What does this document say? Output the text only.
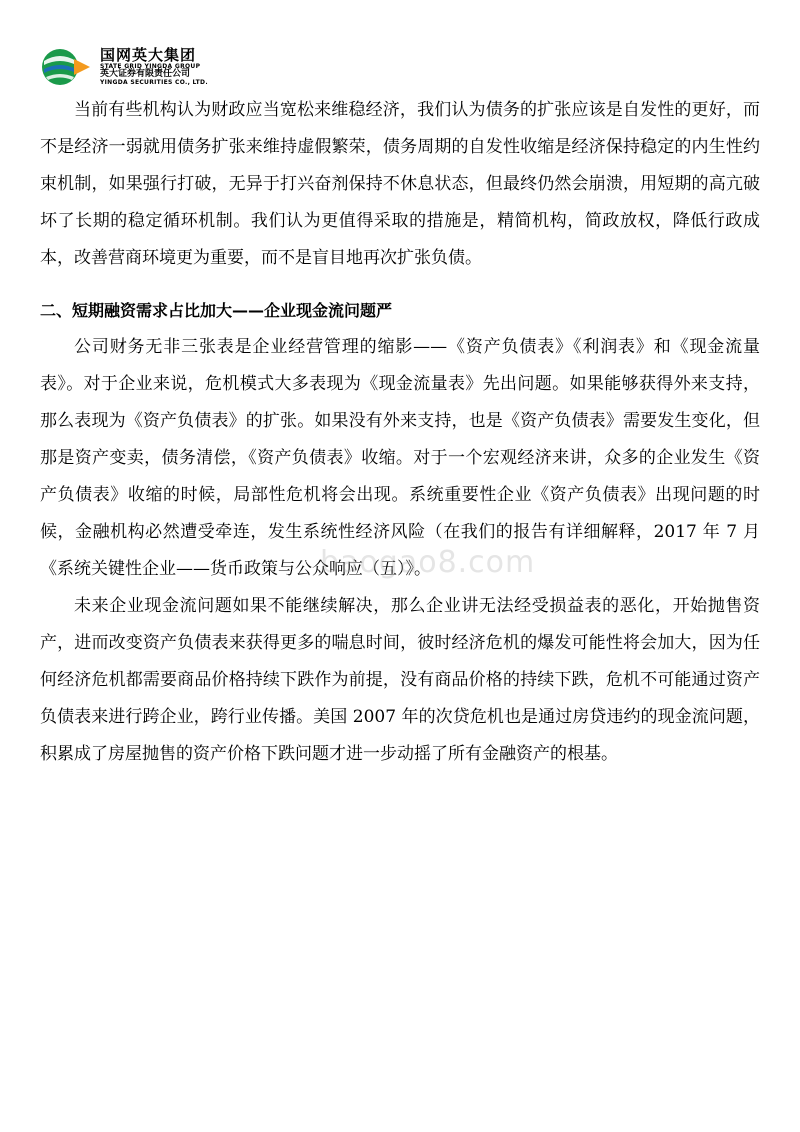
国网英大集团
STATE GRID YINGDA GROUP
英大证券有限责任公司
YINGDA SECURITIES CO., LTD.

当前有些机构认为财政应当宽松来维稳经济，我们认为债务的扩张应该是自发性的更好，而不是经济一弱就用债务扩张来维持虚假繁荣，债务周期的自发性收缩是经济保持稳定的内生性约束机制，如果强行打破，无异于打兴奋剂保持不休息状态，但最终仍然会崩溃，用短期的高亢破坏了长期的稳定循环机制。我们认为更值得采取的措施是，精简机构，简政放权，降低行政成本，改善营商环境更为重要，而不是盲目地再次扩张负债。

二、短期融资需求占比加大——企业现金流问题严

公司财务无非三张表是企业经营管理的缩影——《资产负债表》《利润表》和《现金流量表》。对于企业来说，危机模式大多表现为《现金流量表》先出问题。如果能够获得外来支持，那么表现为《资产负债表》的扩张。如果没有外来支持，也是《资产负债表》需要发生变化，但那是资产变卖，债务清偿，《资产负债表》收缩。对于一个宏观经济来讲，众多的企业发生《资产负债表》收缩的时候，局部性危机将会出现。系统重要性企业《资产负债表》出现问题的时候，金融机构必然遭受牵连，发生系统性经济风险（在我们的报告有详细解释，2017 年 7 月《系统关键性企业——货币政策与公众响应（五）》。

未来企业现金流问题如果不能继续解决，那么企业讲无法经受损益表的恶化，开始抛售资产，进而改变资产负债表来获得更多的喘息时间，彼时经济危机的爆发可能性将会加大，因为任何经济危机都需要商品价格持续下跌作为前提，没有商品价格的持续下跌，危机不可能通过资产负债表来进行跨企业，跨行业传播。美国 2007 年的次贷危机也是通过房贷违约的现金流问题，积累成了房屋抛售的资产价格下跌问题才进一步动摇了所有金融资产的根基。

baogao8.com
